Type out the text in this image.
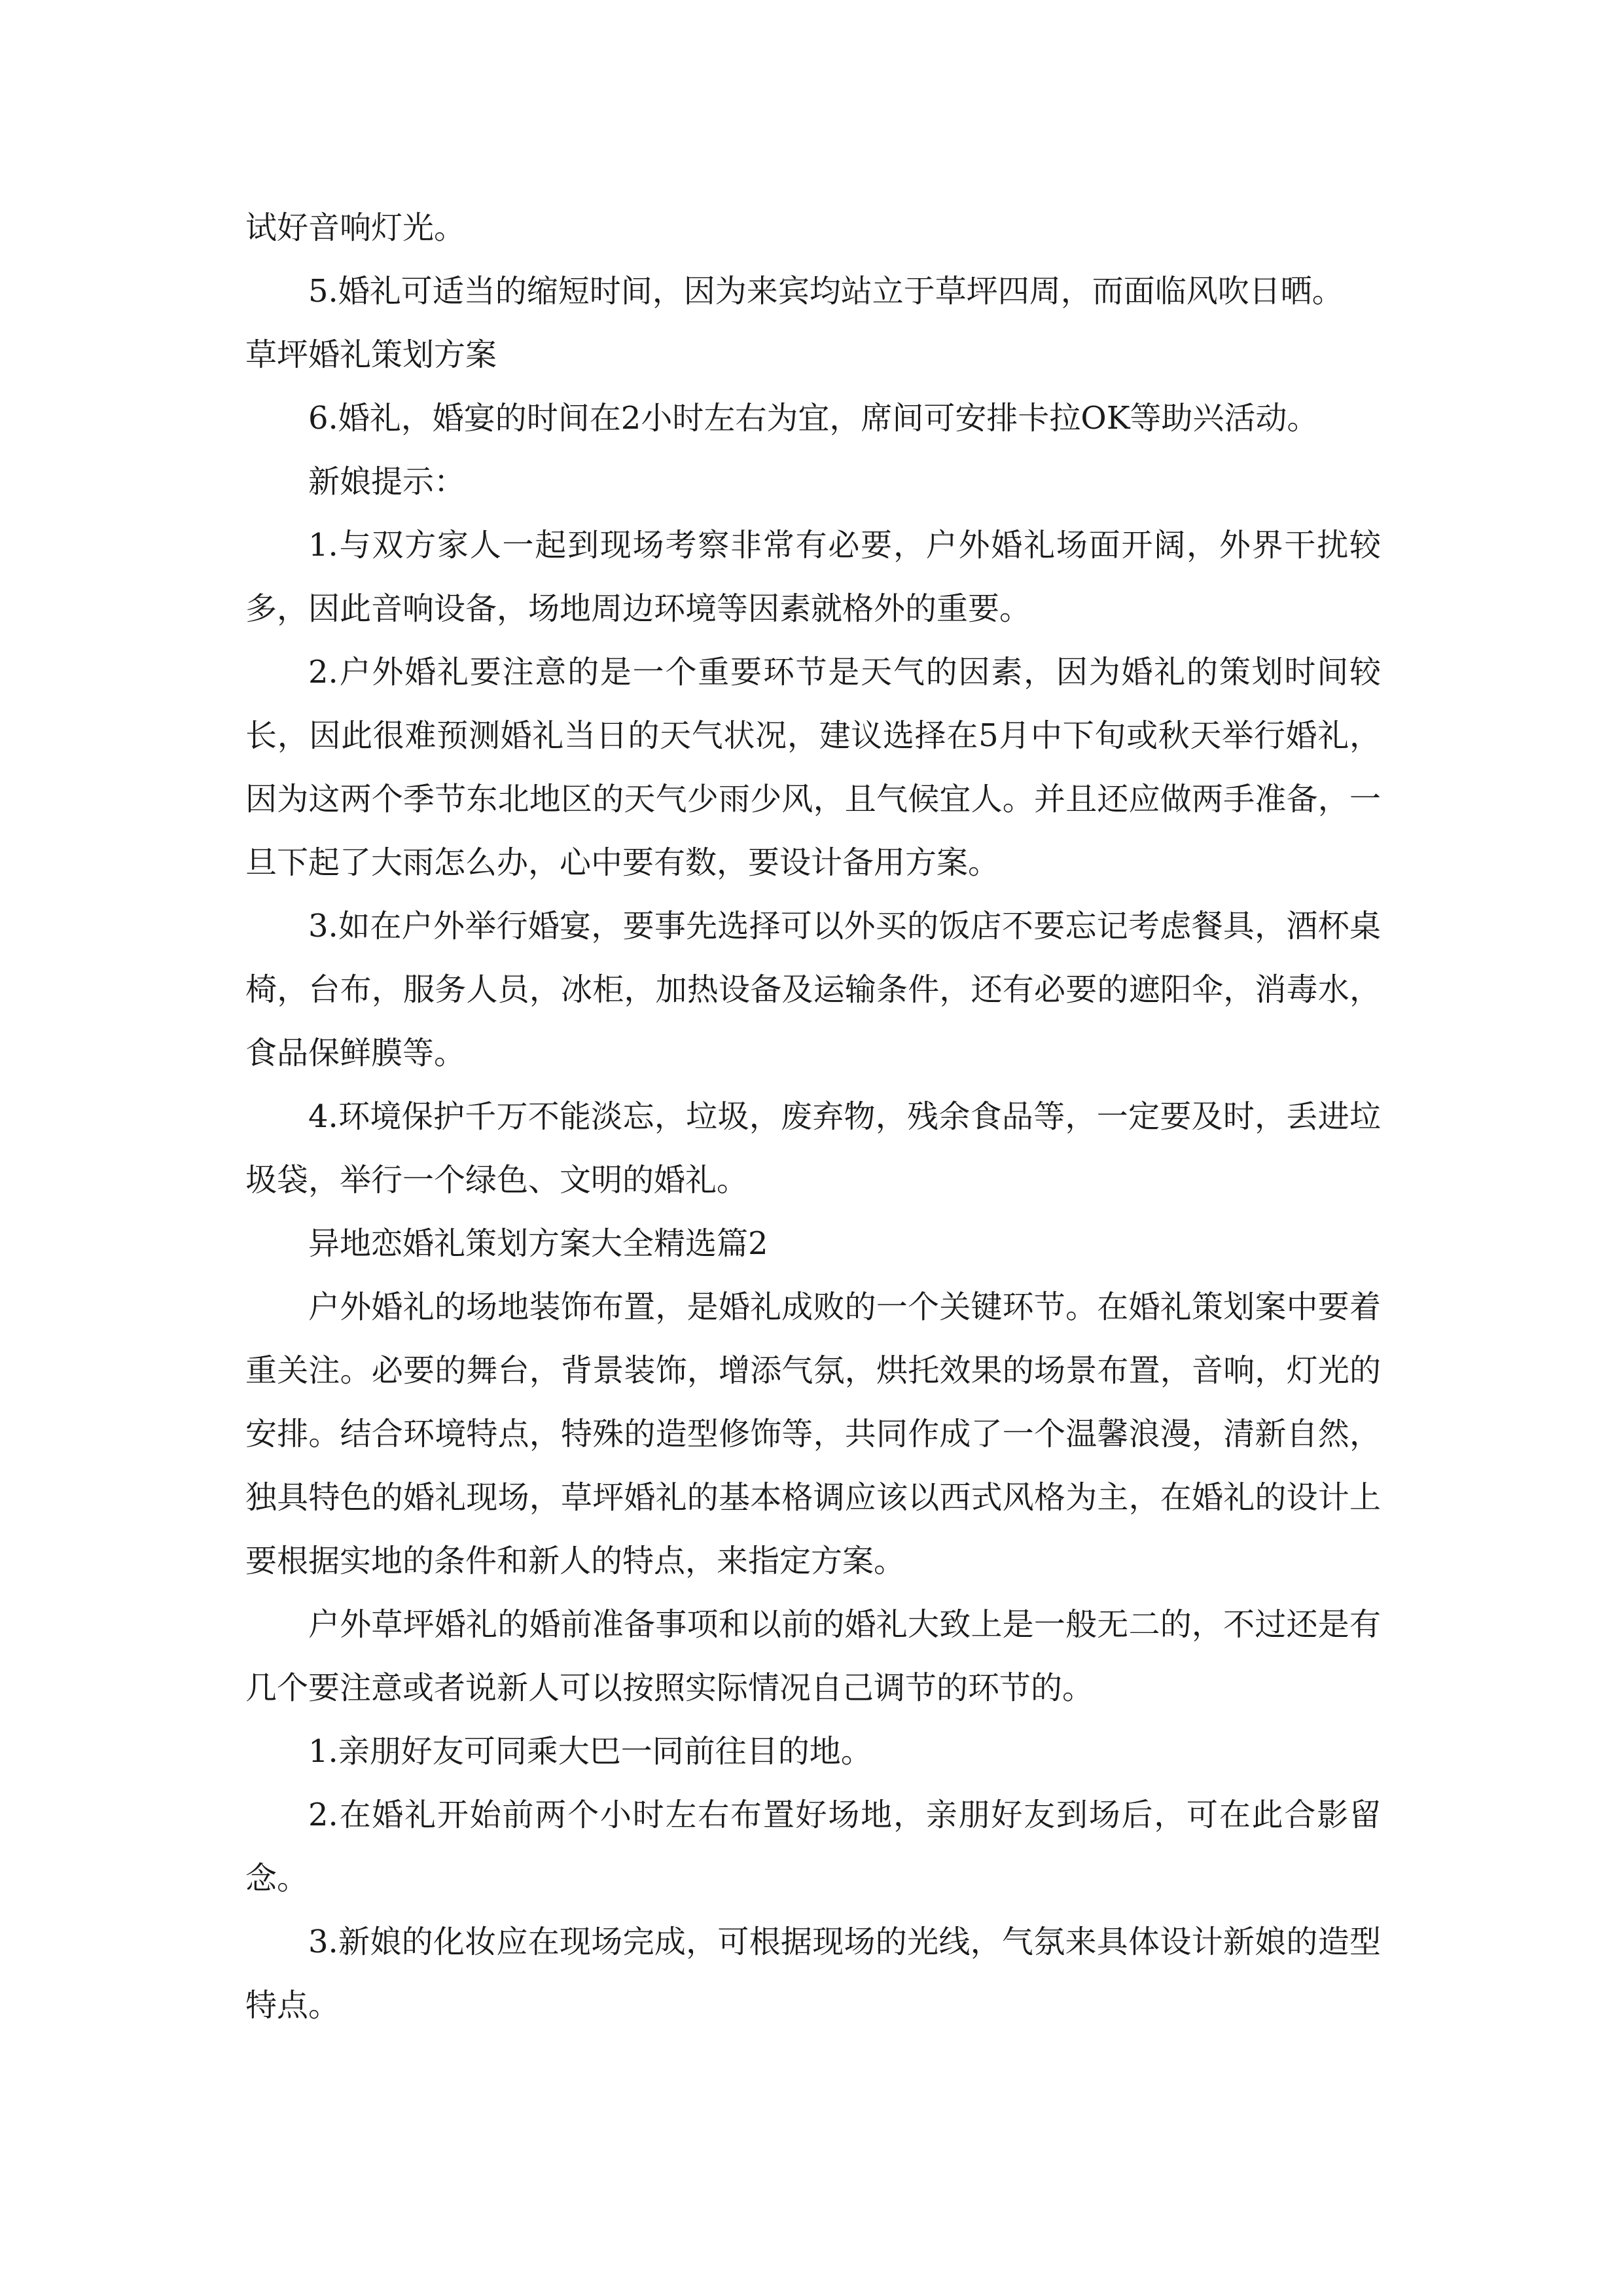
试好音响灯光。

5.婚礼可适当的缩短时间，因为来宾均站立于草坪四周，而面临风吹日晒。

草坪婚礼策划方案

6.婚礼，婚宴的时间在2小时左右为宜，席间可安排卡拉OK等助兴活动。

新娘提示：

1.与双方家人一起到现场考察非常有必要，户外婚礼场面开阔，外界干扰较多，因此音响设备，场地周边环境等因素就格外的重要。

2.户外婚礼要注意的是一个重要环节是天气的因素，因为婚礼的策划时间较长，因此很难预测婚礼当日的天气状况，建议选择在5月中下旬或秋天举行婚礼，因为这两个季节东北地区的天气少雨少风，且气候宜人。并且还应做两手准备，一旦下起了大雨怎么办，心中要有数，要设计备用方案。

3.如在户外举行婚宴，要事先选择可以外买的饭店不要忘记考虑餐具，酒杯桌椅，台布，服务人员，冰柜，加热设备及运输条件，还有必要的遮阳伞，消毒水，食品保鲜膜等。

4.环境保护千万不能淡忘，垃圾，废弃物，残余食品等，一定要及时，丢进垃圾袋，举行一个绿色、文明的婚礼。

异地恋婚礼策划方案大全精选篇2

户外婚礼的场地装饰布置，是婚礼成败的一个关键环节。在婚礼策划案中要着重关注。必要的舞台，背景装饰，增添气氛，烘托效果的场景布置，音响，灯光的安排。结合环境特点，特殊的造型修饰等，共同作成了一个温馨浪漫，清新自然，独具特色的婚礼现场，草坪婚礼的基本格调应该以西式风格为主，在婚礼的设计上要根据实地的条件和新人的特点，来指定方案。

户外草坪婚礼的婚前准备事项和以前的婚礼大致上是一般无二的，不过还是有几个要注意或者说新人可以按照实际情况自己调节的环节的。

1.亲朋好友可同乘大巴一同前往目的地。

2.在婚礼开始前两个小时左右布置好场地，亲朋好友到场后，可在此合影留念。

3.新娘的化妆应在现场完成，可根据现场的光线，气氛来具体设计新娘的造型特点。
